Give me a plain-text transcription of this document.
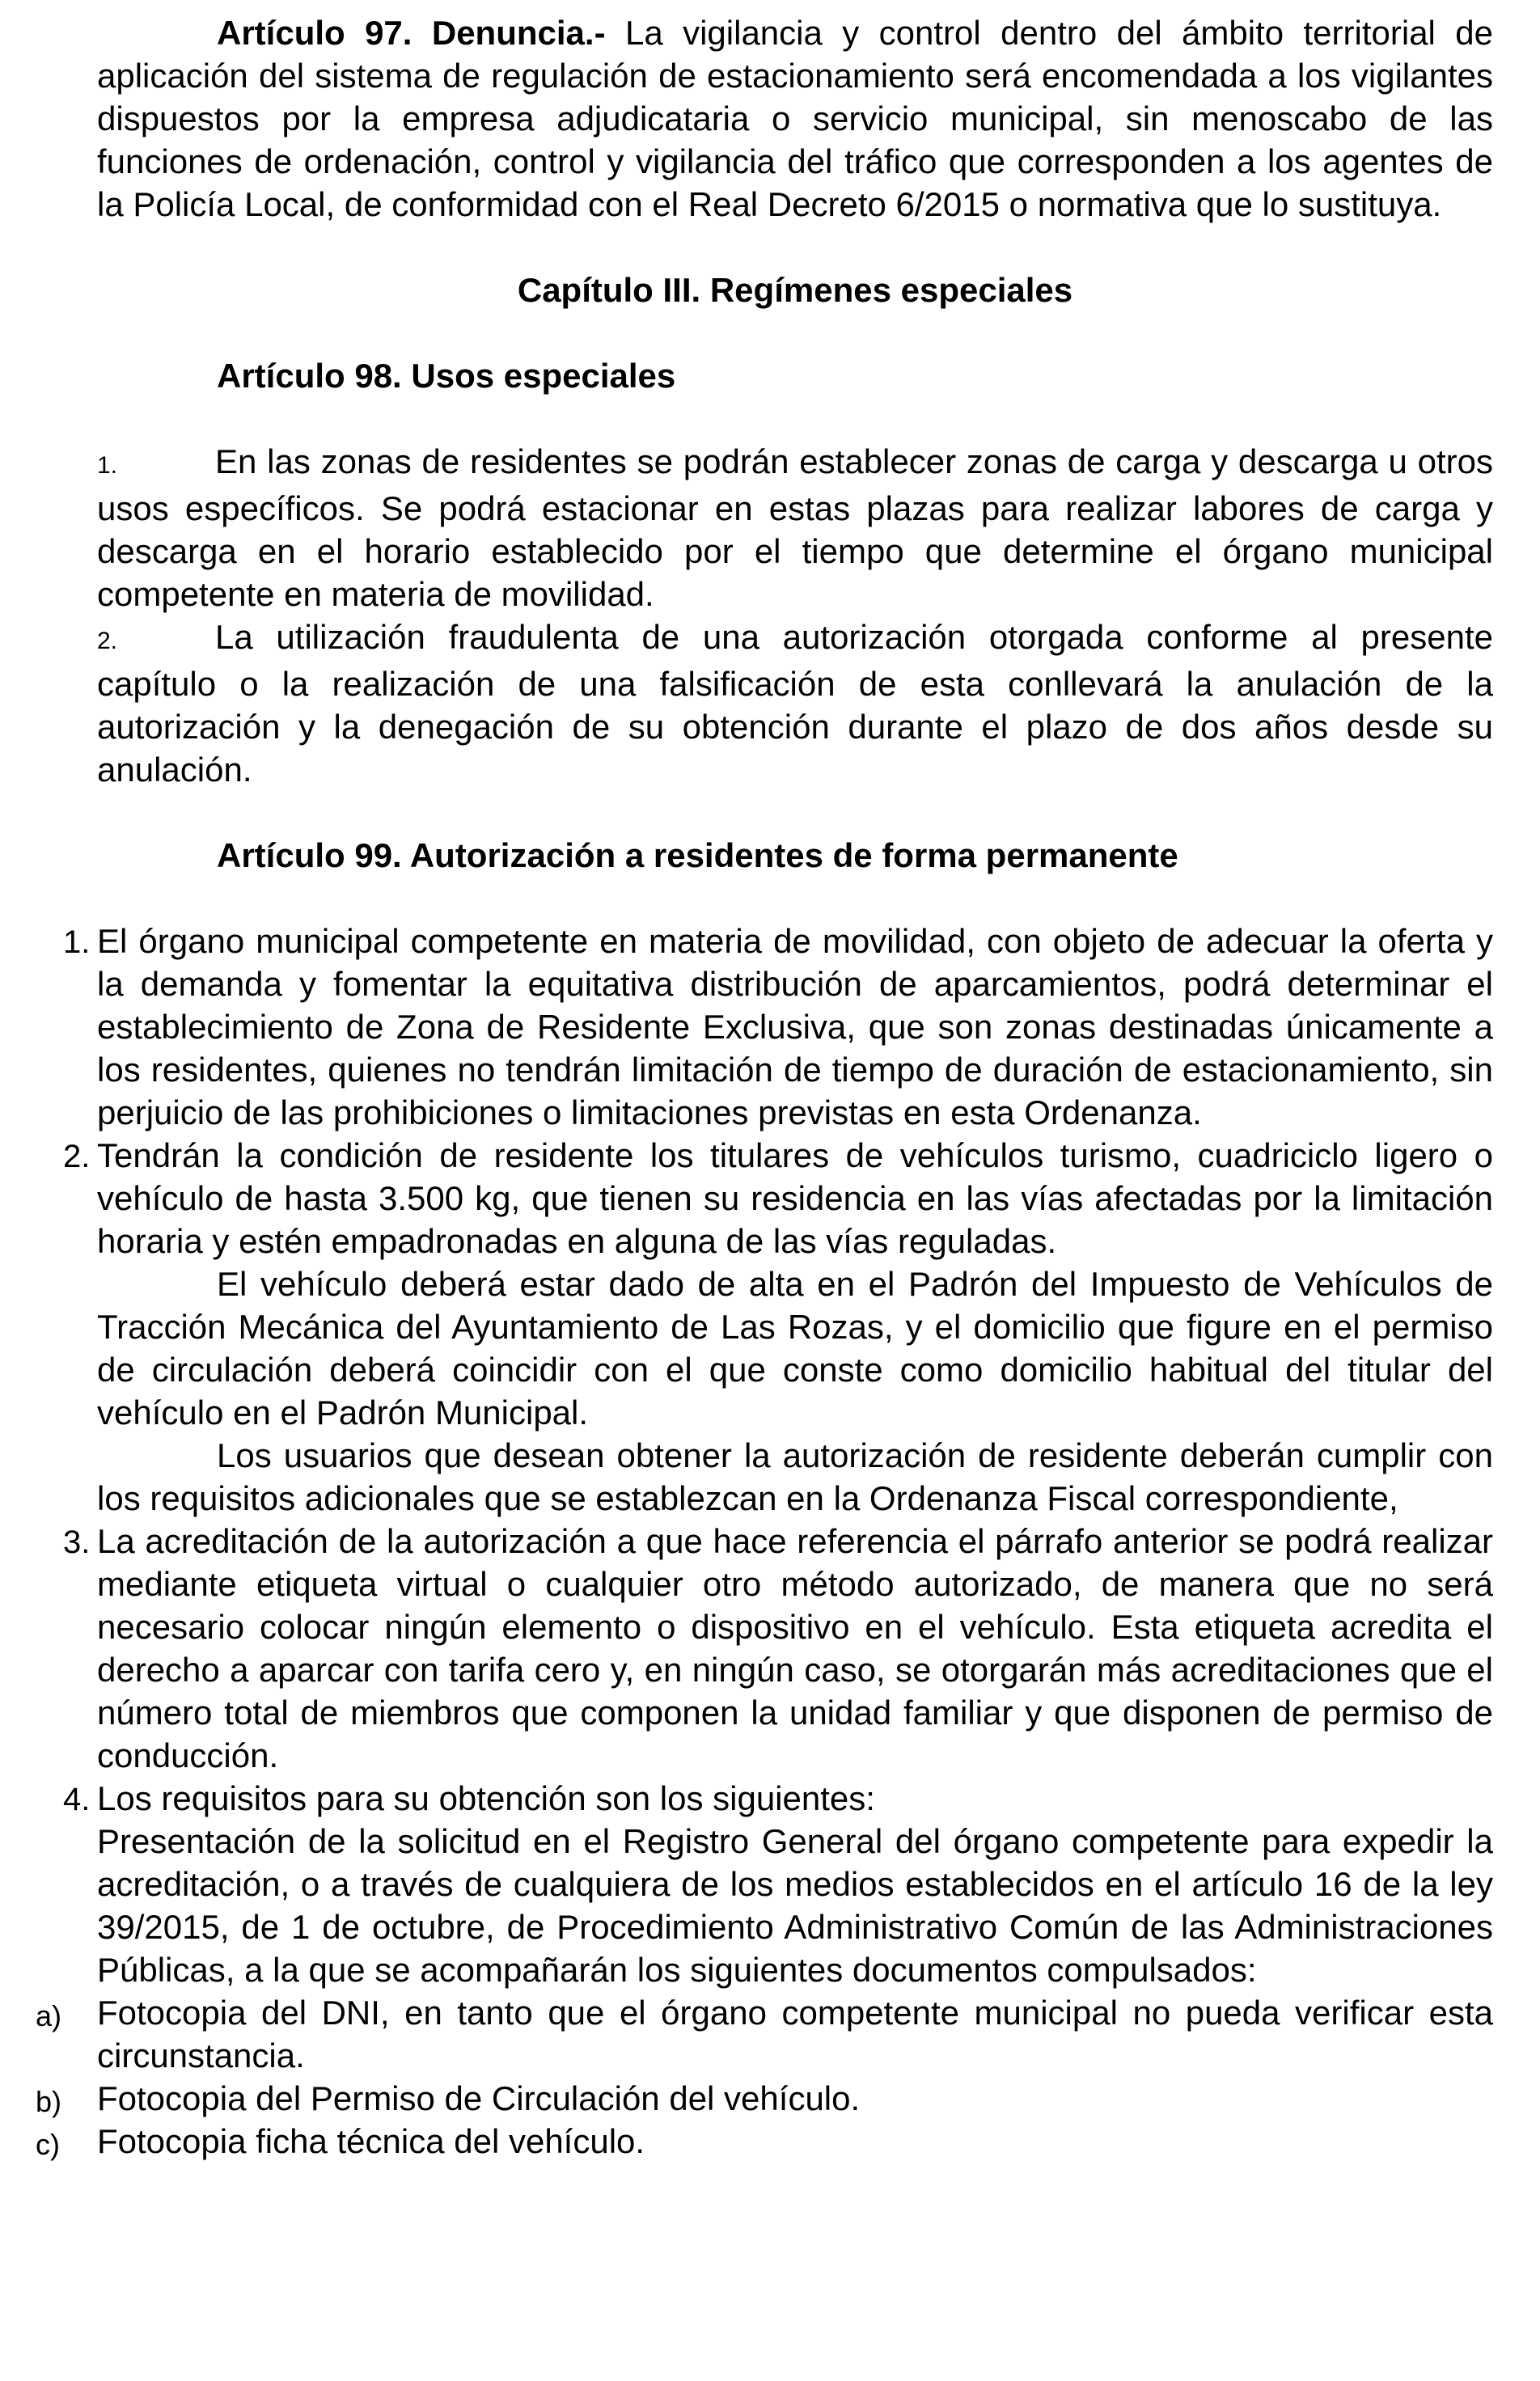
Artículo 97. Denuncia.- La vigilancia y control dentro del ámbito territorial de aplicación del sistema de regulación de estacionamiento será encomendada a los vigilantes dispuestos por la empresa adjudicataria o servicio municipal, sin menoscabo de las funciones de ordenación, control y vigilancia del tráfico que corresponden a los agentes de la Policía Local, de conformidad con el Real Decreto 6/2015 o normativa que lo sustituya.

Capítulo III. Regímenes especiales

Artículo 98. Usos especiales

1.	En las zonas de residentes se podrán establecer zonas de carga y descarga u otros usos específicos. Se podrá estacionar en estas plazas para realizar labores de carga y descarga en el horario establecido por el tiempo que determine el órgano municipal competente en materia de movilidad.

2.	La utilización fraudulenta de una autorización otorgada conforme al presente capítulo o la realización de una falsificación de esta conllevará la anulación de la autorización y la denegación de su obtención durante el plazo de dos años desde su anulación.

Artículo 99. Autorización a residentes de forma permanente

1. El órgano municipal competente en materia de movilidad, con objeto de adecuar la oferta y la demanda y fomentar la equitativa distribución de aparcamientos, podrá determinar el establecimiento de Zona de Residente Exclusiva, que son zonas destinadas únicamente a los residentes, quienes no tendrán limitación de tiempo de duración de estacionamiento, sin perjuicio de las prohibiciones o limitaciones previstas en esta Ordenanza.
2. Tendrán la condición de residente los titulares de vehículos turismo, cuadriciclo ligero o vehículo de hasta 3.500 kg, que tienen su residencia en las vías afectadas por la limitación horaria y estén empadronadas en alguna de las vías reguladas.

El vehículo deberá estar dado de alta en el Padrón del Impuesto de Vehículos de Tracción Mecánica del Ayuntamiento de Las Rozas, y el domicilio que figure en el permiso de circulación deberá coincidir con el que conste como domicilio habitual del titular del vehículo en el Padrón Municipal.

Los usuarios que desean obtener la autorización de residente deberán cumplir con los requisitos adicionales que se establezcan en la Ordenanza Fiscal correspondiente,

3. La acreditación de la autorización a que hace referencia el párrafo anterior se podrá realizar mediante etiqueta virtual o cualquier otro método autorizado, de manera que no será necesario colocar ningún elemento o dispositivo en el vehículo. Esta etiqueta acredita el derecho a aparcar con tarifa cero y, en ningún caso, se otorgarán más acreditaciones que el número total de miembros que componen la unidad familiar y que disponen de permiso de conducción.
4. Los requisitos para su obtención son los siguientes:
Presentación de la solicitud en el Registro General del órgano competente para expedir la acreditación, o a través de cualquiera de los medios establecidos en el artículo 16 de la ley 39/2015, de 1 de octubre, de Procedimiento Administrativo Común de las Administraciones Públicas, a la que se acompañarán los siguientes documentos compulsados:
a) Fotocopia del DNI, en tanto que el órgano competente municipal no pueda verificar esta circunstancia.
b) Fotocopia del Permiso de Circulación del vehículo.
c) Fotocopia ficha técnica del vehículo.
